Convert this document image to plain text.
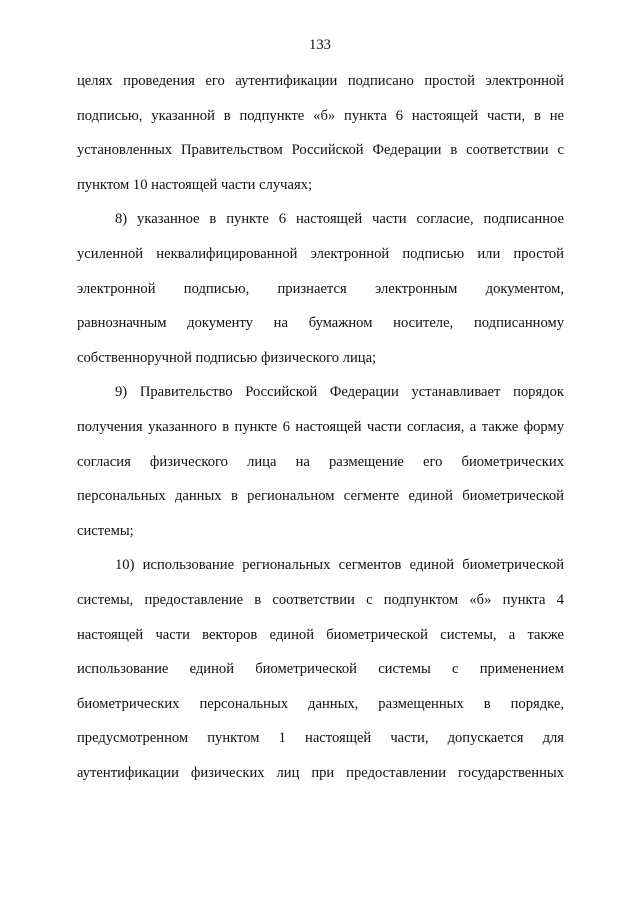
133
целях проведения его аутентификации подписано простой электронной
подписью, указанной в подпункте «б» пункта 6 настоящей части, в не
установленных Правительством Российской Федерации в соответствии с
пунктом 10 настоящей части случаях;
8) указанное в пункте 6 настоящей части согласие, подписанное
усиленной неквалифицированной электронной подписью или простой
электронной подписью, признается электронным документом,
равнозначным документу на бумажном носителе, подписанному
собственноручной подписью физического лица;
9) Правительство Российской Федерации устанавливает порядок
получения указанного в пункте 6 настоящей части согласия, а также форму
согласия физического лица на размещение его биометрических
персональных данных в региональном сегменте единой биометрической
системы;
10) использование региональных сегментов единой биометрической
системы, предоставление в соответствии с подпунктом «б» пункта 4
настоящей части векторов единой биометрической системы, а также
использование единой биометрической системы с применением
биометрических персональных данных, размещенных в порядке,
предусмотренном пунктом 1 настоящей части, допускается для
аутентификации физических лиц при предоставлении государственных
